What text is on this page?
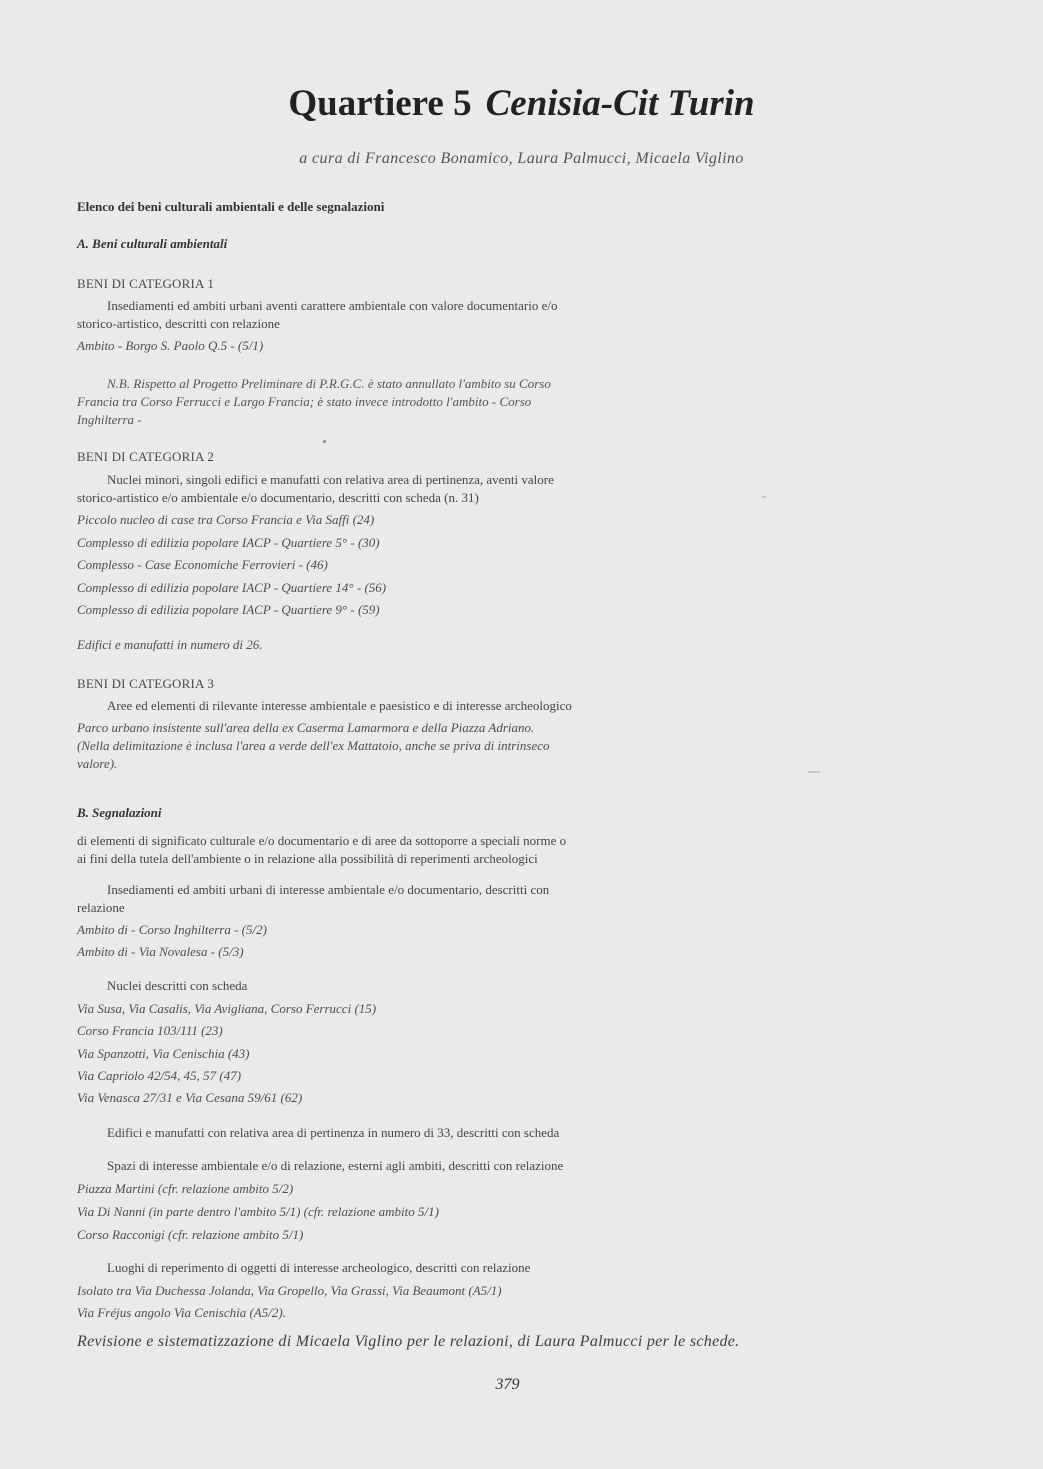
Quartiere 5 Cenisia-Cit Turin
a cura di Francesco Bonamico, Laura Palmucci, Micaela Viglino
Elenco dei beni culturali ambientali e delle segnalazioni
A. Beni culturali ambientali
BENI DI CATEGORIA 1
Insediamenti ed ambiti urbani aventi carattere ambientale con valore documentario e/o
storico-artistico, descritti con relazione
Ambito - Borgo S. Paolo Q.5 - (5/1)
N.B. Rispetto al Progetto Preliminare di P.R.G.C. è stato annullato l'ambito su Corso
Francia tra Corso Ferrucci e Largo Francia; è stato invece introdotto l'ambito - Corso
Inghilterra -
BENI DI CATEGORIA 2
Nuclei minori, singoli edifici e manufatti con relativa area di pertinenza, aventi valore
storico-artistico e/o ambientale e/o documentario, descritti con scheda (n. 31)
Piccolo nucleo di case tra Corso Francia e Via Saffi (24)
Complesso di edilizia popolare IACP - Quartiere 5° - (30)
Complesso - Case Economiche Ferrovieri - (46)
Complesso di edilizia popolare IACP - Quartiere 14° - (56)
Complesso di edilizia popolare IACP - Quartiere 9° - (59)
Edifici e manufatti in numero di 26.
BENI DI CATEGORIA 3
Aree ed elementi di rilevante interesse ambientale e paesistico e di interesse archeologico
Parco urbano insistente sull'area della ex Caserma Lamarmora e della Piazza Adriano.
(Nella delimitazione è inclusa l'area a verde dell'ex Mattatoio, anche se priva di intrinseco
valore).
B. Segnalazioni
di elementi di significato culturale e/o documentario e di aree da sottoporre a speciali norme o
ai fini della tutela dell'ambiente o in relazione alla possibilità di reperimenti archeologici
Insediamenti ed ambiti urbani di interesse ambientale e/o documentario, descritti con
relazione
Ambito di - Corso Inghilterra - (5/2)
Ambito di - Via Novalesa - (5/3)
Nuclei descritti con scheda
Via Susa, Via Casalis, Via Avigliana, Corso Ferrucci (15)
Corso Francia 103/111 (23)
Via Spanzotti, Via Cenischia (43)
Via Capriolo 42/54, 45, 57 (47)
Via Venasca 27/31 e Via Cesana 59/61 (62)
Edifici e manufatti con relativa area di pertinenza in numero di 33, descritti con scheda
Spazi di interesse ambientale e/o di relazione, esterni agli ambiti, descritti con relazione
Piazza Martini (cfr. relazione ambito 5/2)
Via Di Nanni (in parte dentro l'ambito 5/1) (cfr. relazione ambito 5/1)
Corso Racconigi (cfr. relazione ambito 5/1)
Luoghi di reperimento di oggetti di interesse archeologico, descritti con relazione
Isolato tra Via Duchessa Jolanda, Via Gropello, Via Grassi, Via Beaumont (A5/1)
Via Fréjus angolo Via Cenischia (A5/2).
Revisione e sistematizzazione di Micaela Viglino per le relazioni, di Laura Palmucci per le schede.
379
